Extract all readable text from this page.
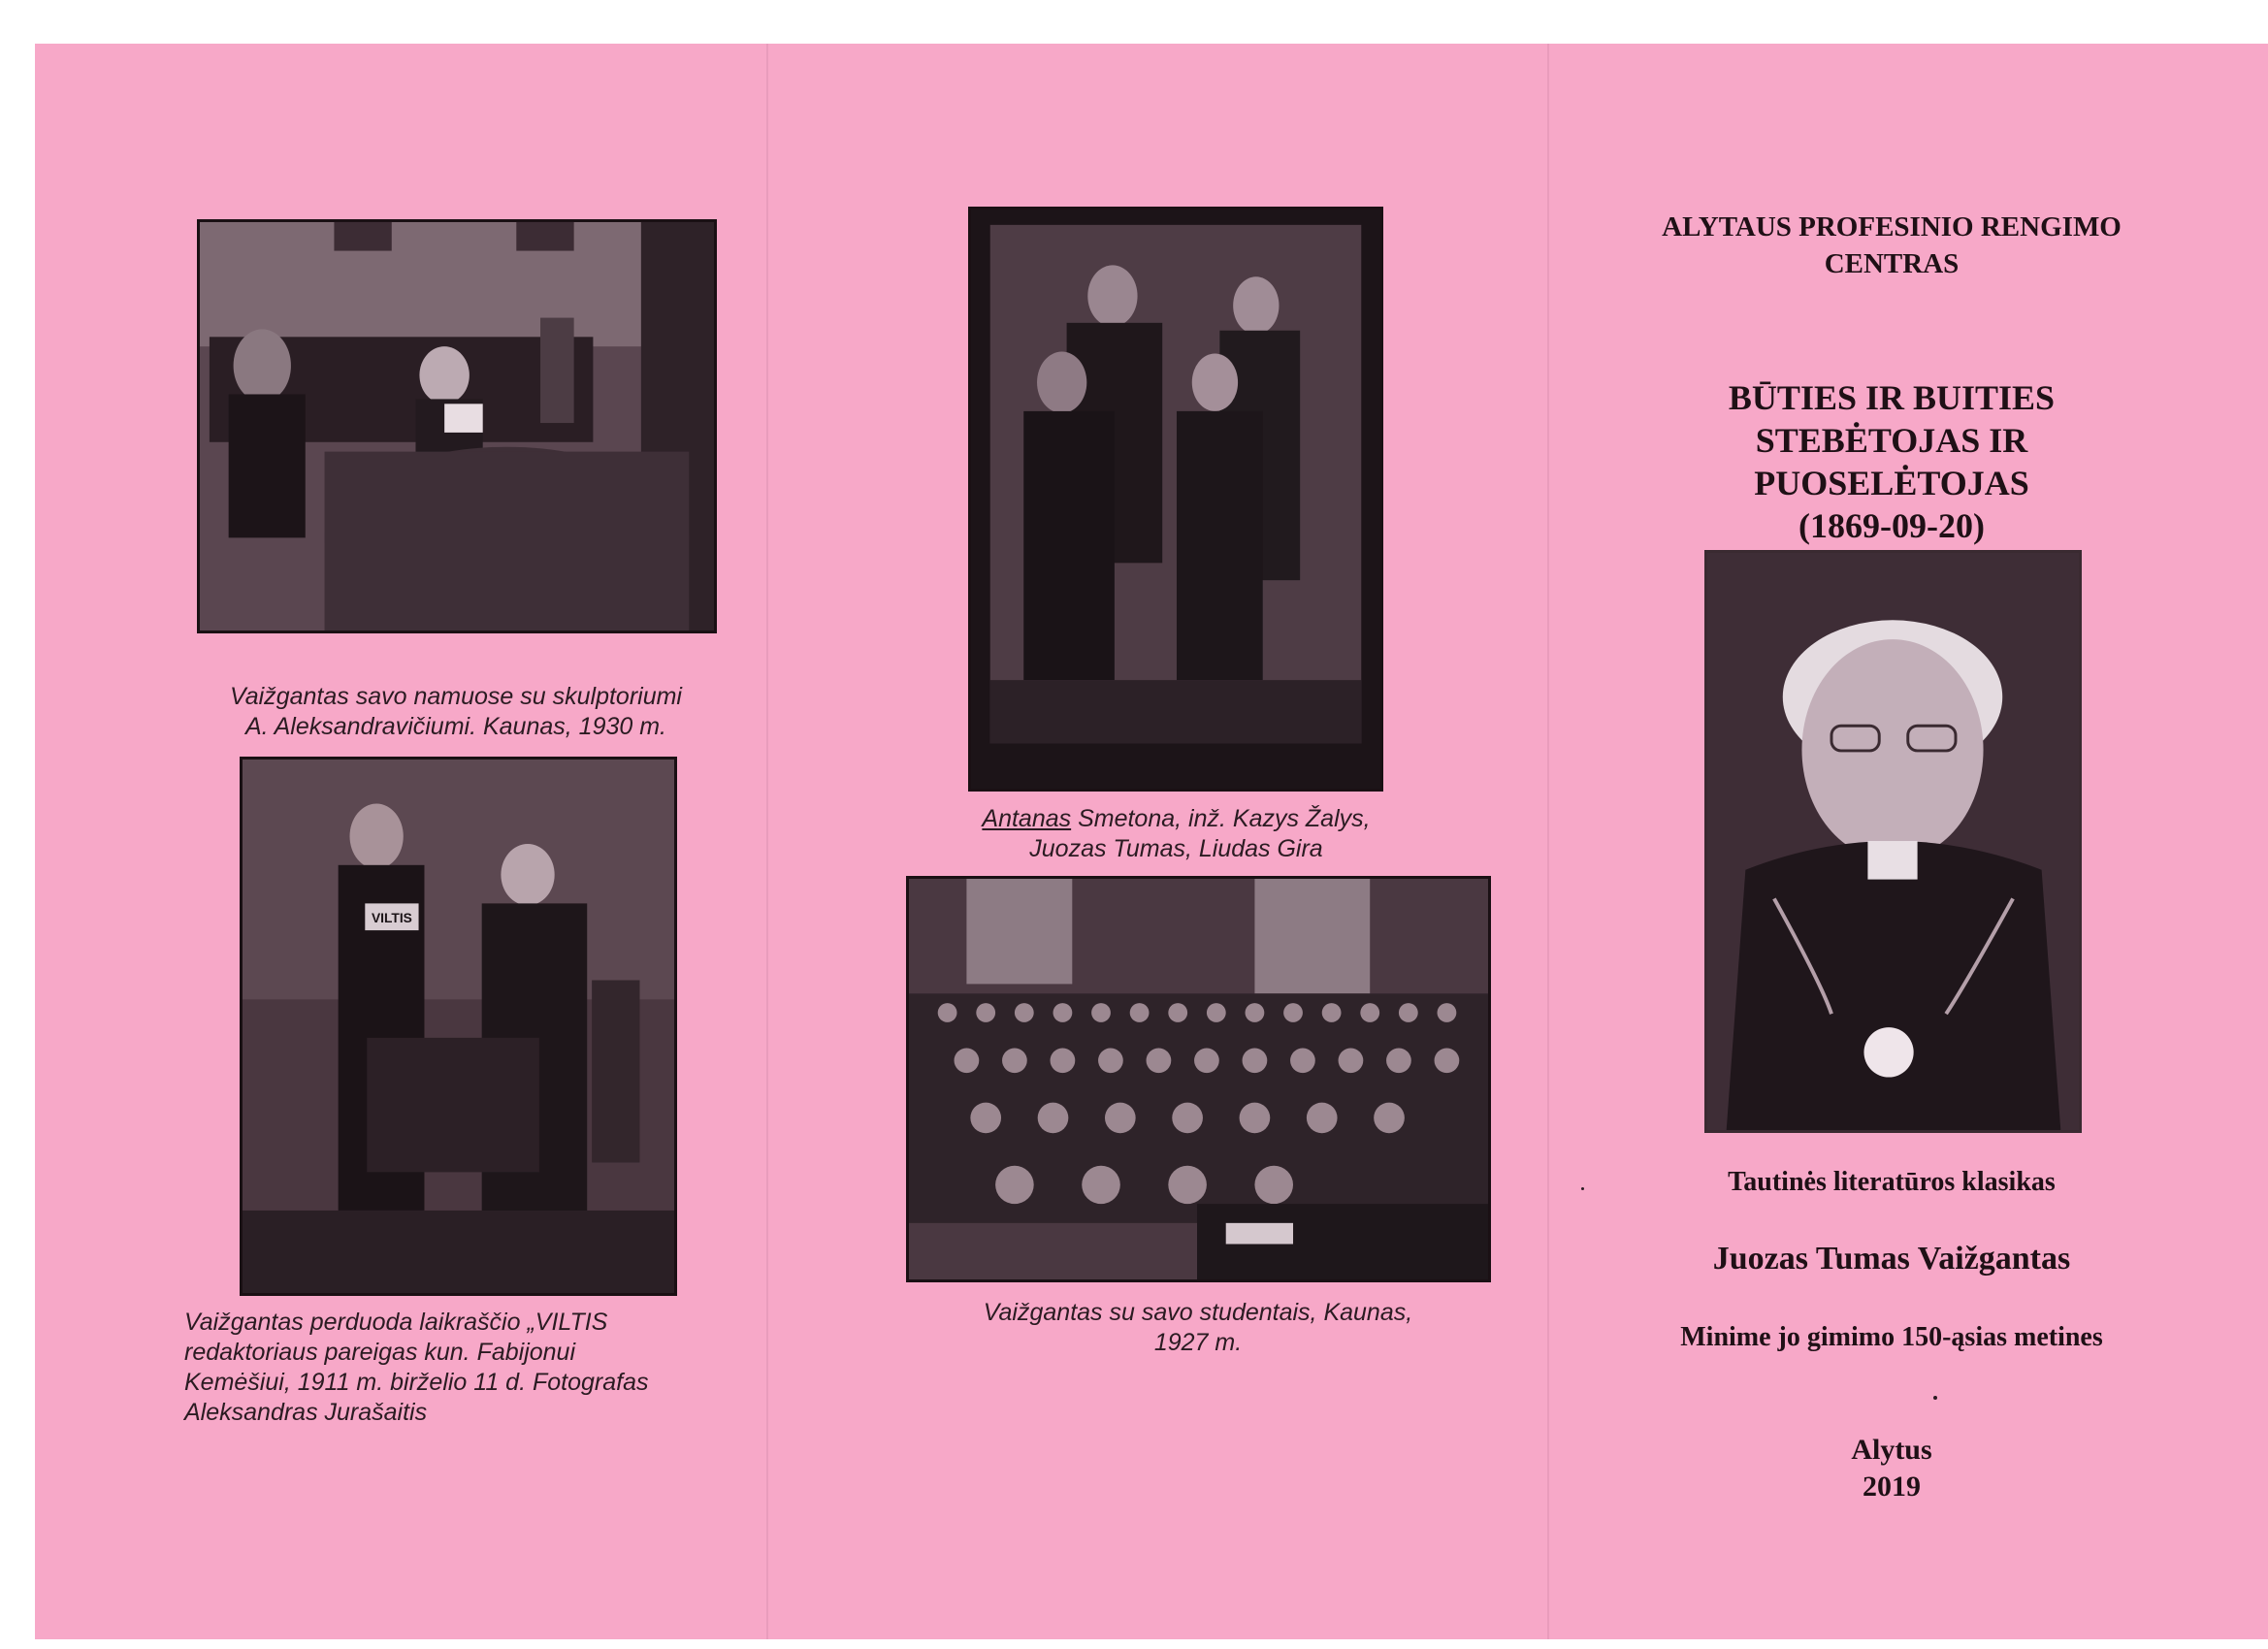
Vaižgantas savo namuose su skulptoriumi
A. Aleksandravičiumi. Kaunas, 1930 m.
VILTIS
Vaižgantas perduoda laikraščio „VILTIS
redaktoriaus pareigas kun. Fabijonui
Kemėšiui, 1911 m. birželio 11 d. Fotografas
Aleksandras Jurašaitis
Antanas Smetona, inž. Kazys Žalys,
Juozas Tumas, Liudas Gira
Vaižgantas su savo studentais, Kaunas,
1927 m.
ALYTAUS PROFESINIO RENGIMO
CENTRAS
BŪTIES IR BUITIES
STEBĖTOJAS IR
PUOSELĖTOJAS
(1869-09-20)
Tautinės literatūros klasikas
Juozas Tumas Vaižgantas
Minime jo gimimo 150-ąsias metines
Alytus
2019
